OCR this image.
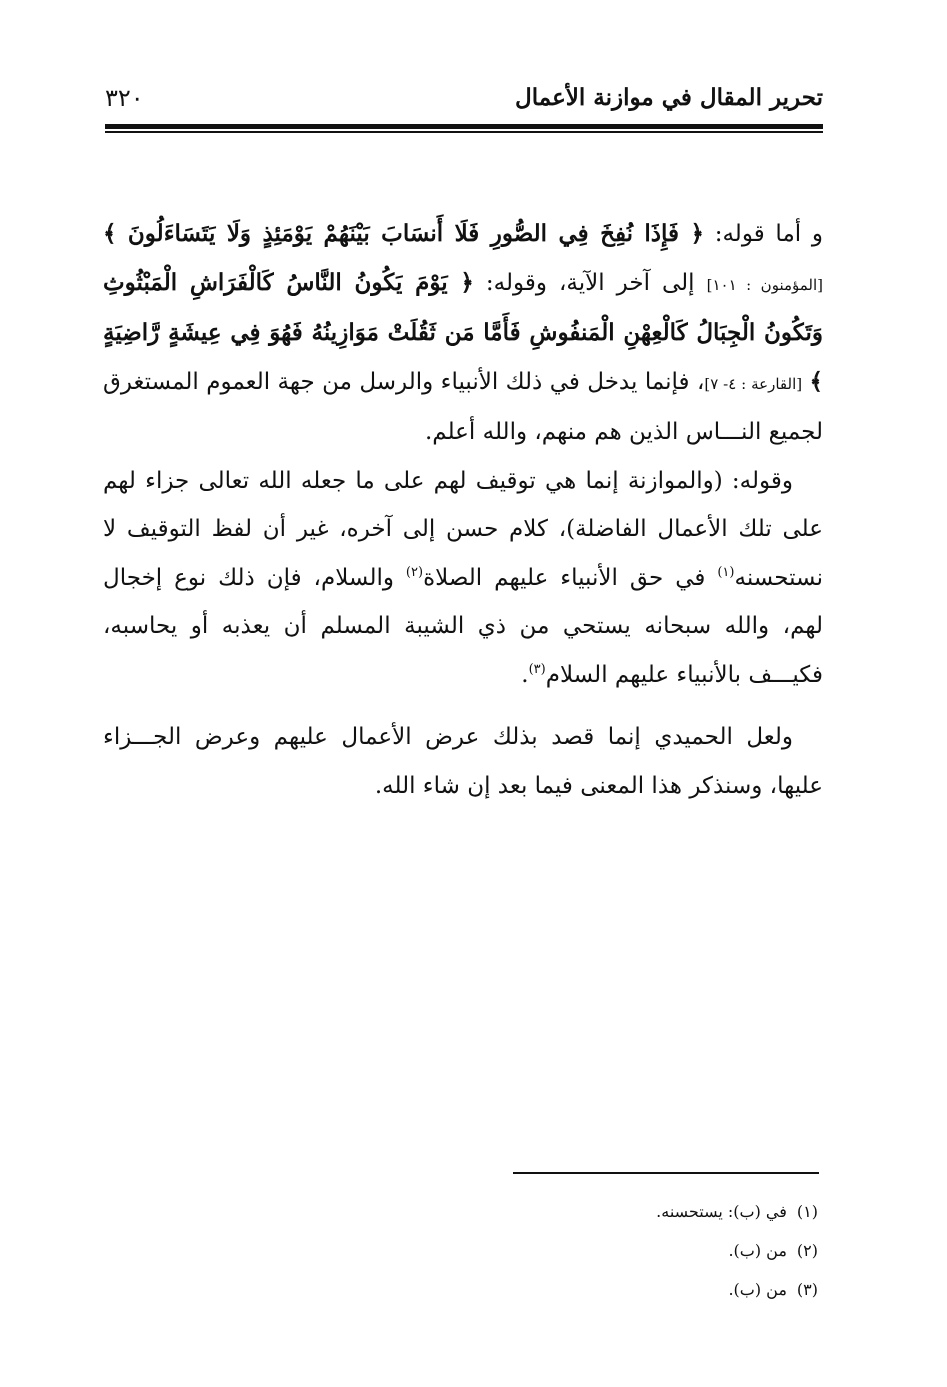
تحرير المقال في موازنة الأعمال
٣٢٠

و أما قوله: ﴿ فَإِذَا نُفِخَ فِي الصُّورِ فَلَا أَنسَابَ بَيْنَهُمْ يَوْمَئِذٍ وَلَا يَتَسَاءَلُونَ ﴾ [المؤمنون : ١٠١] إلى آخر الآية، وقوله: ﴿ يَوْمَ يَكُونُ النَّاسُ كَالْفَرَاشِ الْمَبْثُوثِ وَتَكُونُ الْجِبَالُ كَالْعِهْنِ الْمَنفُوشِ فَأَمَّا مَن ثَقُلَتْ مَوَازِينُهُ فَهُوَ فِي عِيشَةٍ رَّاضِيَةٍ ﴾ [القارعة : ٤- ٧]، فإنما يدخل في ذلك الأنبياء والرسل من جهة العموم المستغرق لجميع النـــاس الذين هم منهم، والله أعلم.

وقوله: (والموازنة إنما هي توقيف لهم على ما جعله الله تعالى جزاء لهم على تلك الأعمال الفاضلة)، كلام حسن إلى آخره، غير أن لفظ التوقيف لا نستحسنه$^{(١)}$ في حق الأنبياء عليهم الصلاة$^{(٢)}$ والسلام، فإن ذلك نوع إخجال لهم، والله سبحانه يستحي من ذي الشيبة المسلم أن يعذبه أو يحاسبه، فكيـــف بالأنبياء عليهم السلام$^{(٣)}$.

ولعل الحميدي إنما قصد بذلك عرض الأعمال عليهم وعرض الجـــزاء عليها، وسنذكر هذا المعنى فيما بعد إن شاء الله.

(١)في (ب): يستحسنه.
(٢)من (ب).
(٣)من (ب).
